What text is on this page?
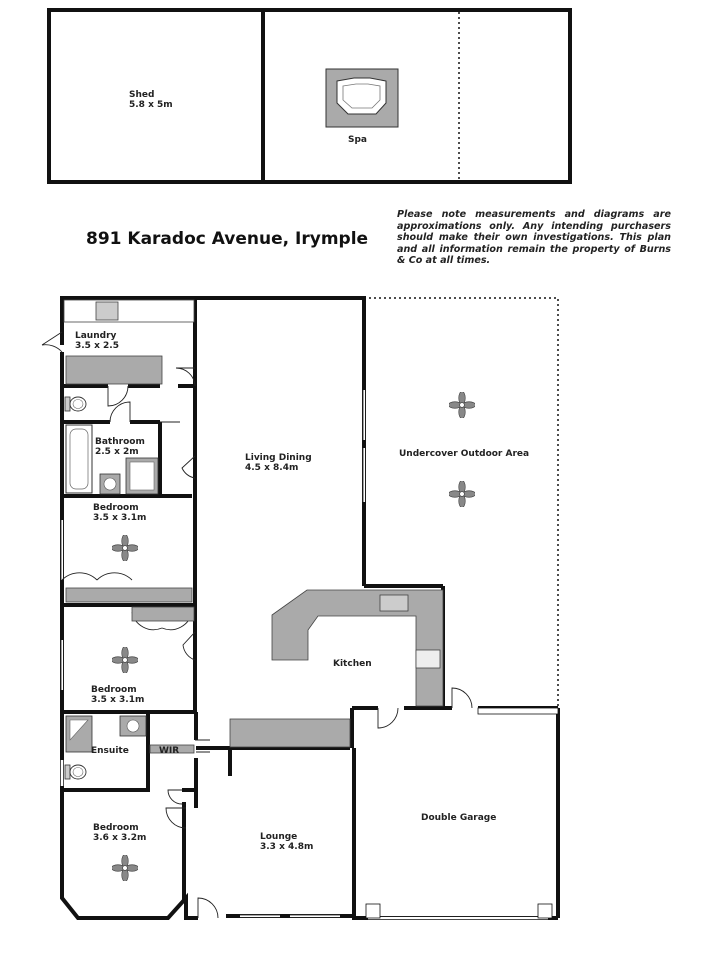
Shed
5.8 x 5m
Spa
Laundry
3.5 x 2.5
Bathroom
2.5 x 2m
Bedroom
3.5 x 3.1m
Bedroom
3.5 x 3.1m
Ensuite	WIR
Bedroom
3.6 x 3.2m
Living Dining
4.5 x 8.4m
Undercover Outdoor Area
Kitchen
Lounge
3.3 x 4.8m
Double Garage
891 Karadoc Avenue, Irymple
Please note measurements and diagrams are approximations only. Any intending purchasers should make their own investigations. This plan and all information remain the property of Burns & Co at all times.
